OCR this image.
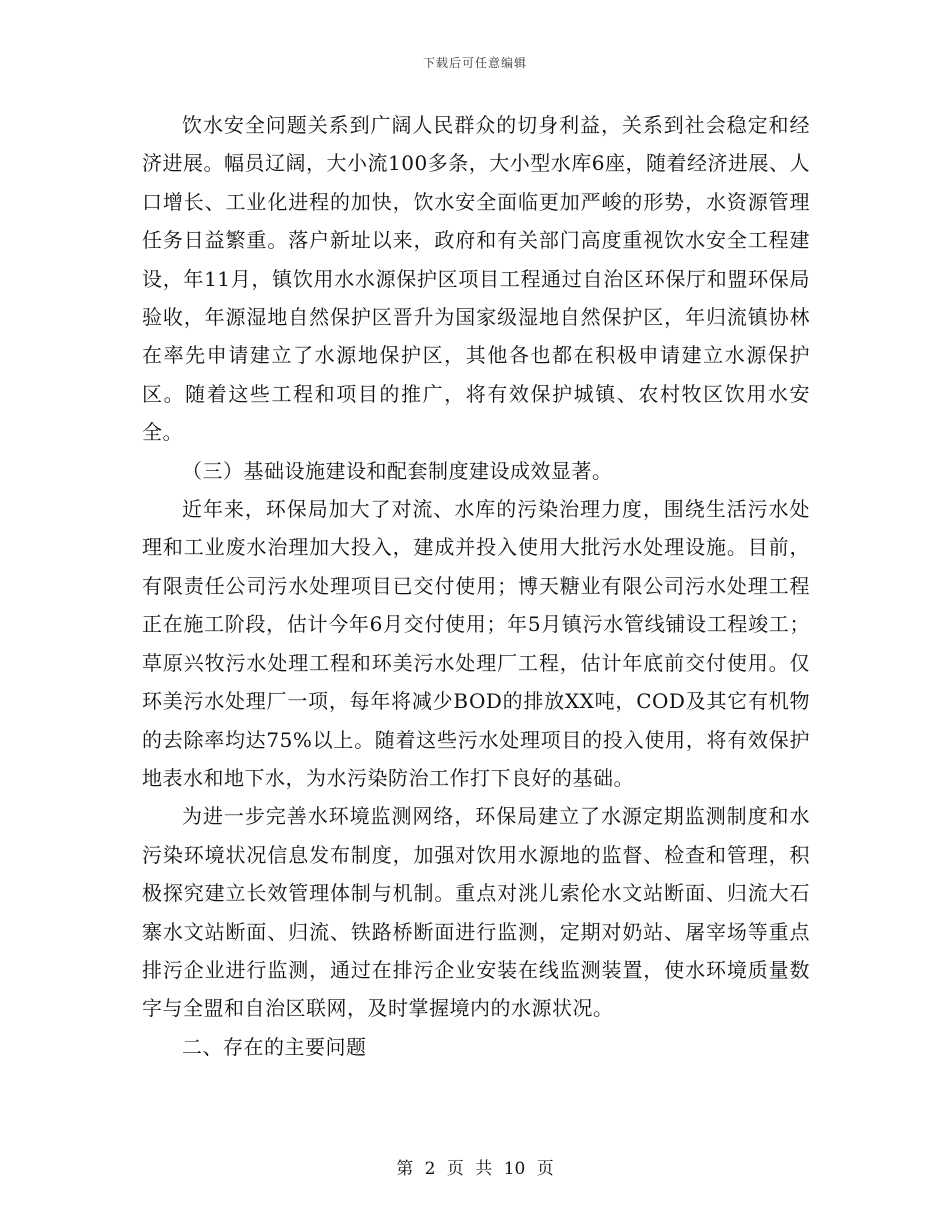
下载后可任意编辑

饮水安全问题关系到广阔人民群众的切身利益，关系到社会稳定和经济进展。幅员辽阔，大小流100多条，大小型水库6座，随着经济进展、人口增长、工业化进程的加快，饮水安全面临更加严峻的形势，水资源管理任务日益繁重。落户新址以来，政府和有关部门高度重视饮水安全工程建设，年11月，镇饮用水水源保护区项目工程通过自治区环保厅和盟环保局验收，年源湿地自然保护区晋升为国家级湿地自然保护区，年归流镇协林在率先申请建立了水源地保护区，其他各也都在积极申请建立水源保护区。随着这些工程和项目的推广，将有效保护城镇、农村牧区饮用水安全。

（三）基础设施建设和配套制度建设成效显著。

近年来，环保局加大了对流、水库的污染治理力度，围绕生活污水处理和工业废水治理加大投入，建成并投入使用大批污水处理设施。目前，有限责任公司污水处理项目已交付使用；博天糖业有限公司污水处理工程正在施工阶段，估计今年6月交付使用；年5月镇污水管线铺设工程竣工；草原兴牧污水处理工程和环美污水处理厂工程，估计年底前交付使用。仅环美污水处理厂一项，每年将减少BOD的排放XX吨，COD及其它有机物的去除率均达75%以上。随着这些污水处理项目的投入使用，将有效保护地表水和地下水，为水污染防治工作打下良好的基础。

为进一步完善水环境监测网络，环保局建立了水源定期监测制度和水污染环境状况信息发布制度，加强对饮用水源地的监督、检查和管理，积极探究建立长效管理体制与机制。重点对洮儿索伦水文站断面、归流大石寨水文站断面、归流、铁路桥断面进行监测，定期对奶站、屠宰场等重点排污企业进行监测，通过在排污企业安装在线监测装置，使水环境质量数字与全盟和自治区联网，及时掌握境内的水源状况。

二、存在的主要问题

第 2 页 共 10 页
